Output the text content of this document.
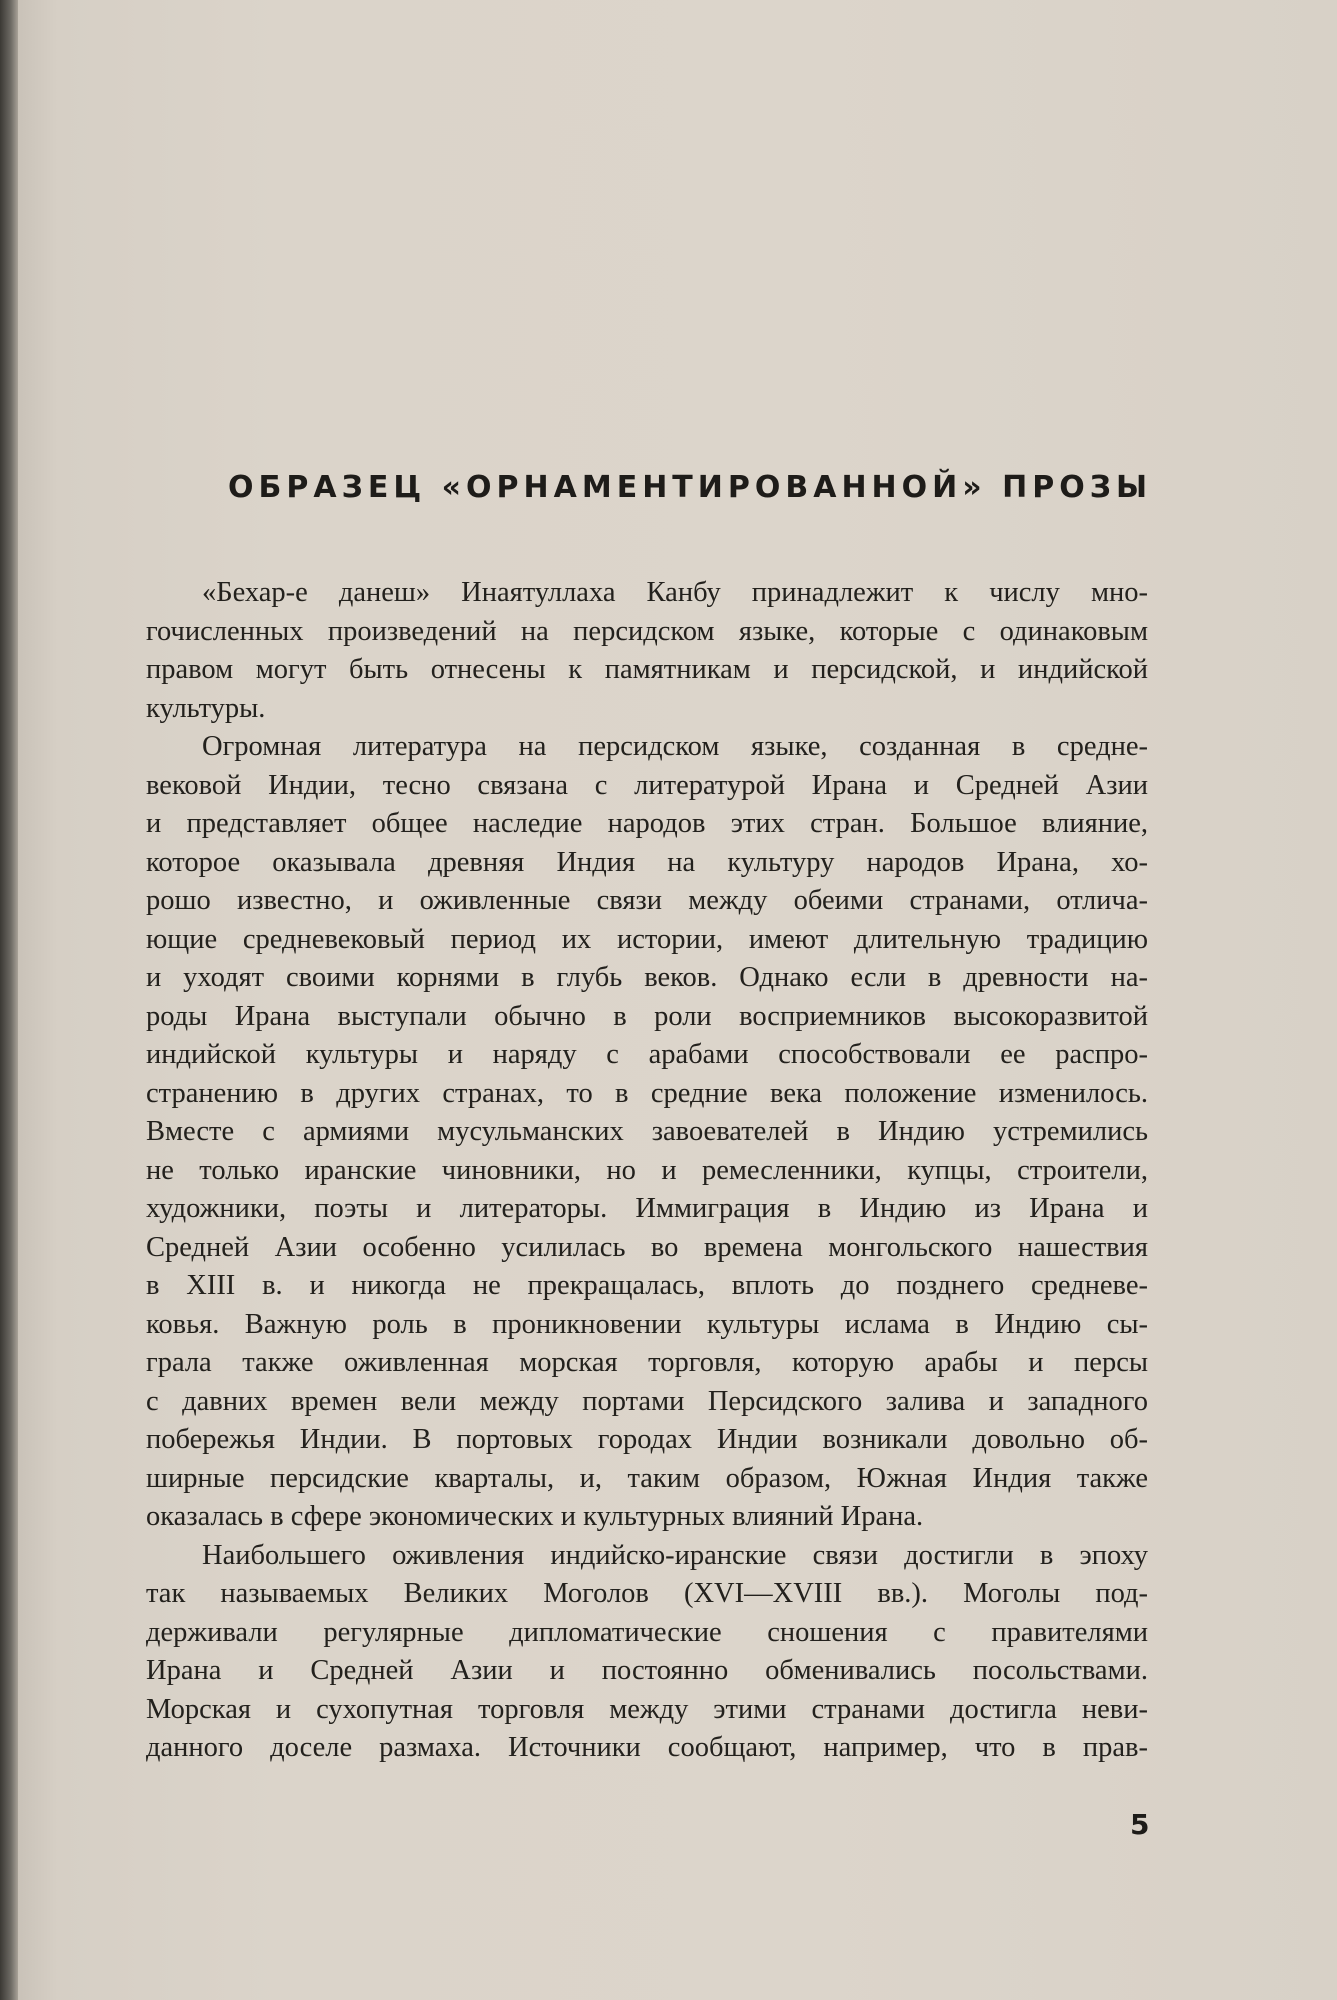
ОБРАЗЕЦ «ОРНАМЕНТИРОВАННОЙ» ПРОЗЫ
«Бехар-е данеш» Инаятуллаха Канбу принадлежит к числу мно-
гочисленных произведений на персидском языке, которые с одинаковым
правом могут быть отнесены к памятникам и персидской, и индийской
культуры.
Огромная литература на персидском языке, созданная в средне-
вековой Индии, тесно связана с литературой Ирана и Средней Азии
и представляет общее наследие народов этих стран. Большое влияние,
которое оказывала древняя Индия на культуру народов Ирана, хо-
рошо известно, и оживленные связи между обеими странами, отлича-
ющие средневековый период их истории, имеют длительную традицию
и уходят своими корнями в глубь веков. Однако если в древности на-
роды Ирана выступали обычно в роли восприемников высокоразвитой
индийской культуры и наряду с арабами способствовали ее распро-
странению в других странах, то в средние века положение изменилось.
Вместе с армиями мусульманских завоевателей в Индию устремились
не только иранские чиновники, но и ремесленники, купцы, строители,
художники, поэты и литераторы. Иммиграция в Индию из Ирана и
Средней Азии особенно усилилась во времена монгольского нашествия
в XIII в. и никогда не прекращалась, вплоть до позднего средневе-
ковья. Важную роль в проникновении культуры ислама в Индию сы-
грала также оживленная морская торговля, которую арабы и персы
с давних времен вели между портами Персидского залива и западного
побережья Индии. В портовых городах Индии возникали довольно об-
ширные персидские кварталы, и, таким образом, Южная Индия также
оказалась в сфере экономических и культурных влияний Ирана.
Наибольшего оживления индийско-иранские связи достигли в эпоху
так называемых Великих Моголов (XVI—XVIII вв.). Моголы под-
держивали регулярные дипломатические сношения с правителями
Ирана и Средней Азии и постоянно обменивались посольствами.
Морская и сухопутная торговля между этими странами достигла неви-
данного доселе размаха. Источники сообщают, например, что в прав-
5
